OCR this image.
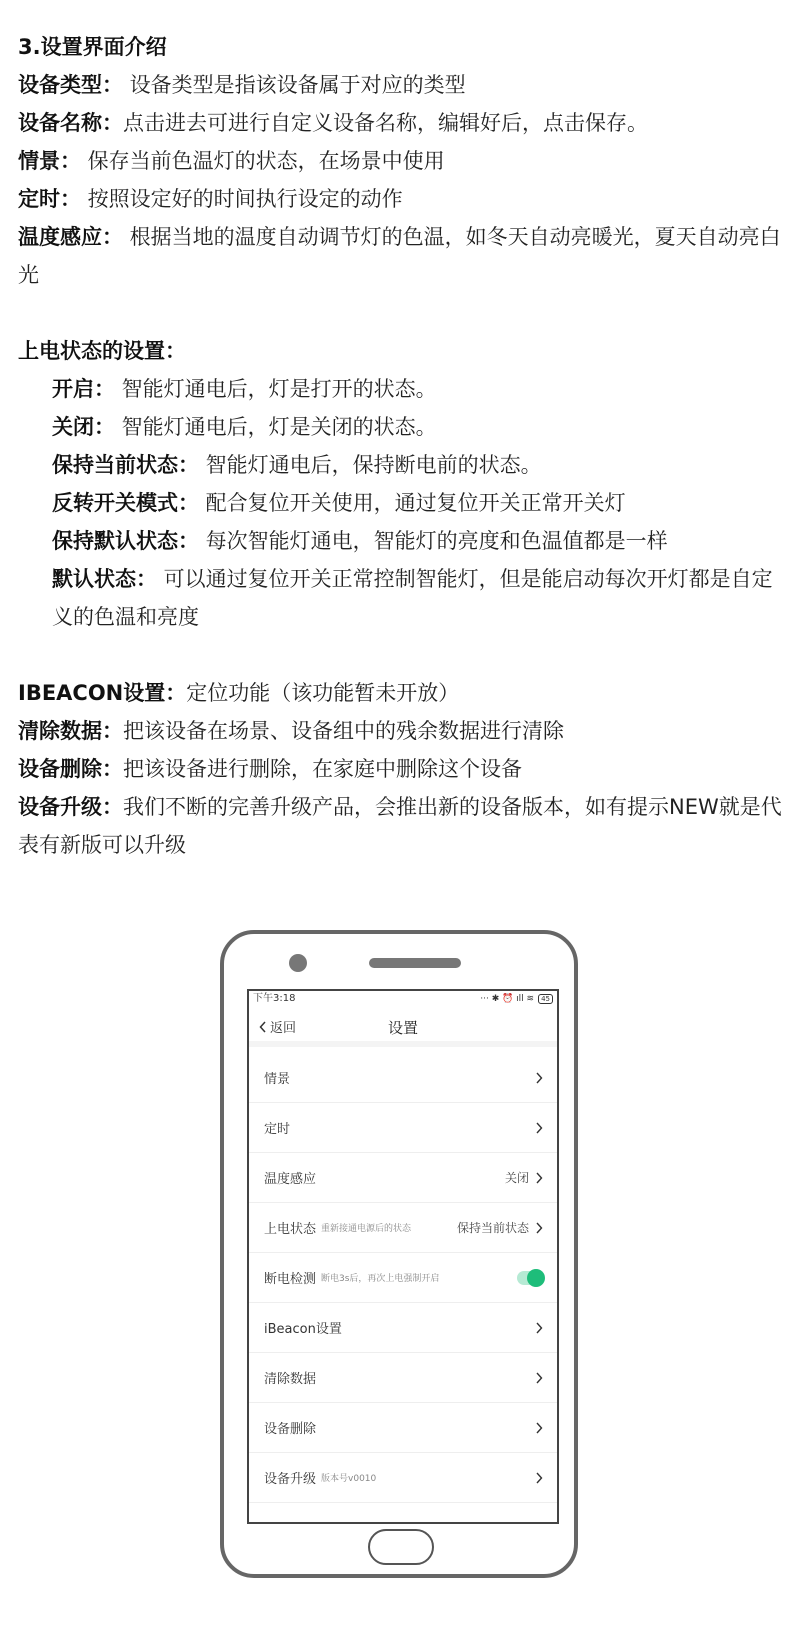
3.设置界面介绍
设备类型： 设备类型是指该设备属于对应的类型
设备名称：点击进去可进行自定义设备名称，编辑好后，点击保存。
情景： 保存当前色温灯的状态，在场景中使用
定时： 按照设定好的时间执行设定的动作
温度感应： 根据当地的温度自动调节灯的色温，如冬天自动亮暖光，夏天自动亮白光
上电状态的设置：
开启： 智能灯通电后，灯是打开的状态。
关闭： 智能灯通电后，灯是关闭的状态。
保持当前状态： 智能灯通电后，保持断电前的状态。
反转开关模式： 配合复位开关使用，通过复位开关正常开关灯
保持默认状态： 每次智能灯通电，智能灯的亮度和色温值都是一样
默认状态： 可以通过复位开关正常控制智能灯，但是能启动每次开灯都是自定义的色温和亮度
IBEACON设置：定位功能（该功能暂未开放）
清除数据：把该设备在场景、设备组中的残余数据进行清除
设备删除：把该设备进行删除，在家庭中删除这个设备
设备升级：我们不断的完善升级产品，会推出新的设备版本，如有提示NEW就是代表有新版可以升级
下午3:18	··· ✱ ⏰ ıll ≋	45
返回	设置
情景
定时
温度感应	关闭
上电状态 重新接通电源后的状态	保持当前状态
断电检测 断电3s后，再次上电强制开启
iBeacon设置
清除数据
设备删除
设备升级 版本号v0010
